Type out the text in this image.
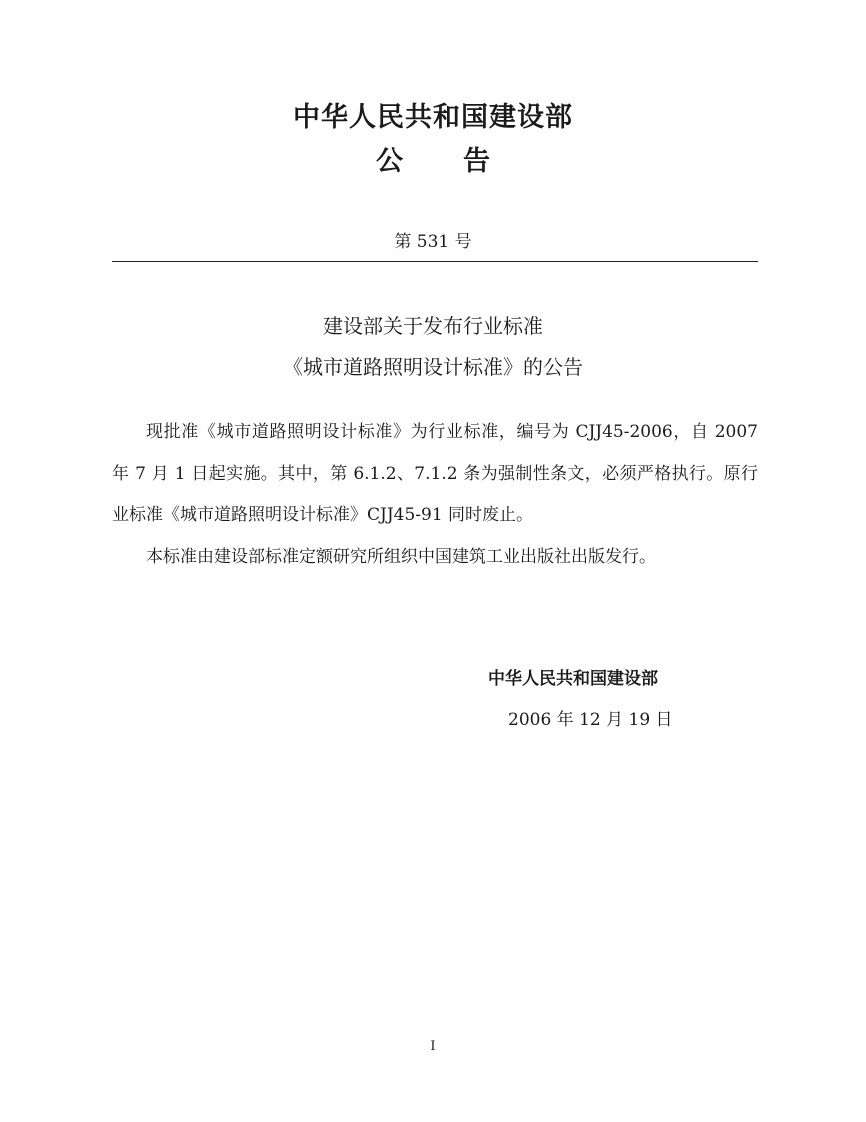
中华人民共和国建设部
公 告
第 531 号
建设部关于发布行业标准
《城市道路照明设计标准》的公告

现批准《城市道路照明设计标准》为行业标准，编号为 CJJ45-2006，自 2007 年 7 月 1 日起实施。其中，第 6.1.2、7.1.2 条为强制性条文，必须严格执行。原行业标准《城市道路照明设计标准》CJJ45-91 同时废止。

本标准由建设部标准定额研究所组织中国建筑工业出版社出版发行。

中华人民共和国建设部
2006 年 12 月 19 日
I
